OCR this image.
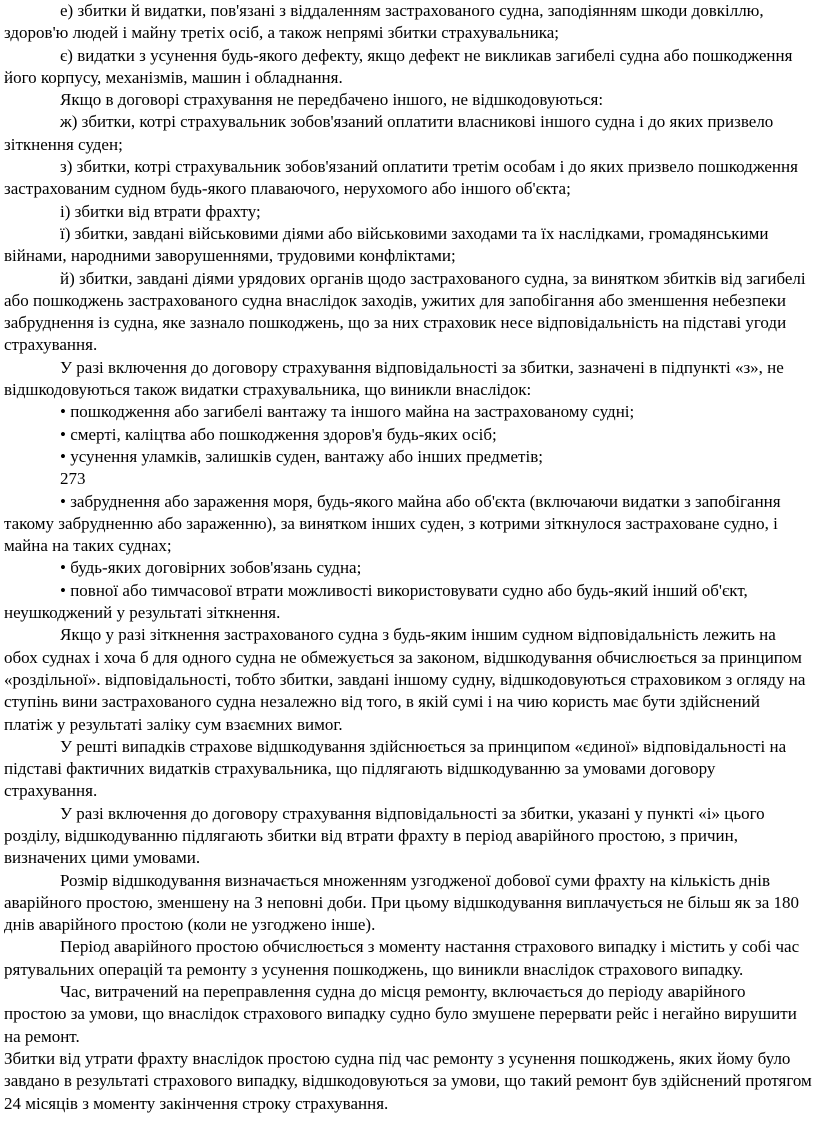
е) збитки й видатки, пов'язані з віддаленням застрахованого судна, заподіянням шкоди довкіллю, здоров'ю людей і майну третіх осіб, а також непрямі збитки страхувальника;

є) видатки з усунення будь-якого дефекту, якщо дефект не викликав загибелі судна або пошкодження його корпусу, механізмів, машин і обладнання.

Якщо в договорі страхування не передбачено іншого, не відшкодовуються:

ж) збитки, котрі страхувальник зобов'язаний оплатити власникові іншого судна і до яких призвело зіткнення суден;

з) збитки, котрі страхувальник зобов'язаний оплатити третім особам і до яких призвело пошкодження застрахованим судном будь-якого плаваючого, нерухомого або іншого об'єкта;

і) збитки від втрати фрахту;

ї) збитки, завдані військовими діями або військовими заходами та їх наслідками, громадянськими війнами, народними заворушеннями, трудовими конфліктами;

й) збитки, завдані діями урядових органів щодо застрахованого судна, за винятком збитків від загибелі або пошкоджень застрахованого судна внаслідок заходів, ужитих для запобігання або зменшення небезпеки забруднення із судна, яке зазнало пошкоджень, що за них страховик несе відповідальність на підставі угоди страхування.

У разі включення до договору страхування відповідальності за збитки, зазначені в підпункті «з», не відшкодовуються також видатки страхувальника, що виникли внаслідок:

• пошкодження або загибелі вантажу та іншого майна на застрахованому судні;

• смерті, каліцтва або пошкодження здоров'я будь-яких осіб;

• усунення уламків, залишків суден, вантажу або інших предметів;

273

• забруднення або зараження моря, будь-якого майна або об'єкта (включаючи видатки з запобігання такому забрудненню або зараженню), за винятком інших суден, з котрими зіткнулося застраховане судно, і майна на таких суднах;

• будь-яких договірних зобов'язань судна;

• повної або тимчасової втрати можливості використовувати судно або будь-який інший об'єкт, неушкоджений у результаті зіткнення.

Якщо у разі зіткнення застрахованого судна з будь-яким іншим судном відповідальність лежить на обох суднах і хоча б для одного судна не обмежується за законом, відшкодування обчислюється за принципом «роздільної». відповідальності, тобто збитки, завдані іншому судну, відшкодовуються страховиком з огляду на ступінь вини застрахованого судна незалежно від того, в якій сумі і на чию користь має бути здійснений платіж у результаті заліку сум взаємних вимог.

У решті випадків страхове відшкодування здійснюється за принципом «єдиної» відповідальності на підставі фактичних видатків страхувальника, що підлягають відшкодуванню за умовами договору страхування.

У разі включення до договору страхування відповідальності за збитки, указані у пункті «і» цього розділу, відшкодуванню підлягають збитки від втрати фрахту в період аварійного простою, з причин, визначених цими умовами.

Розмір відшкодування визначається множенням узгодженої добової суми фрахту на кількість днів аварійного простою, зменшену на З неповні доби. При цьому відшкодування виплачується не більш як за 180 днів аварійного простою (коли не узгоджено інше).

Період аварійного простою обчислюється з моменту настання страхового випадку і містить у собі час рятувальних операцій та ремонту з усунення пошкоджень, що виникли внаслідок страхового випадку.

Час, витрачений на переправлення судна до місця ремонту, включається до періоду аварійного простою за умови, що внаслідок страхового випадку судно було змушене перервати рейс і негайно вирушити на ремонт.

Збитки від утрати фрахту внаслідок простою судна під час ремонту з усунення пошкоджень, яких йому було завдано в результаті страхового випадку, відшкодовуються за умови, що такий ремонт був здійснений протягом 24 місяців з моменту закінчення строку страхування.
